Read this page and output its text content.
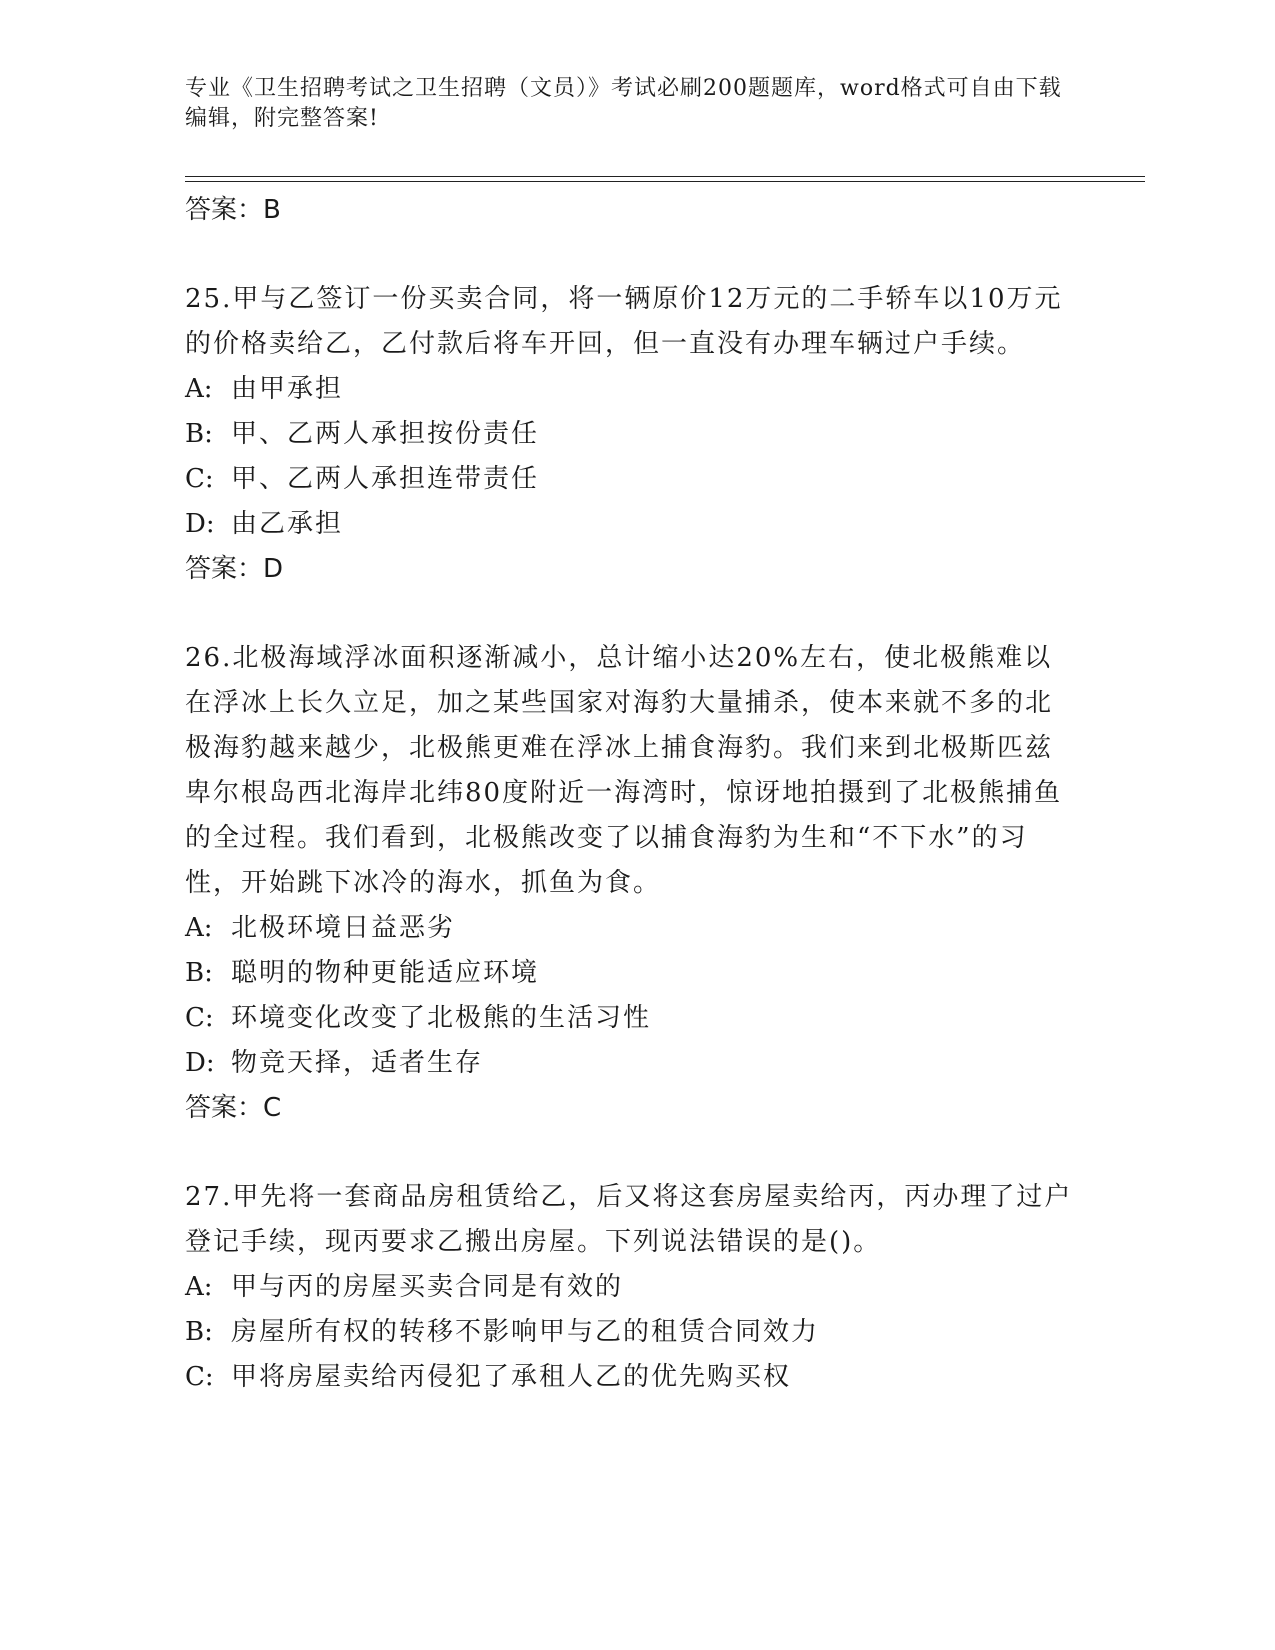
专业《卫生招聘考试之卫生招聘（文员）》考试必刷200题题库，word格式可自由下载编辑，附完整答案!
答案：B
25.甲与乙签订一份买卖合同，将一辆原价12万元的二手轿车以10万元的价格卖给乙，乙付款后将车开回，但一直没有办理车辆过户手续。
A: 由甲承担
B: 甲、乙两人承担按份责任
C: 甲、乙两人承担连带责任
D: 由乙承担
答案：D
26.北极海域浮冰面积逐渐减小，总计缩小达20%左右，使北极熊难以在浮冰上长久立足，加之某些国家对海豹大量捕杀，使本来就不多的北极海豹越来越少，北极熊更难在浮冰上捕食海豹。我们来到北极斯匹兹卑尔根岛西北海岸北纬80度附近一海湾时，惊讶地拍摄到了北极熊捕鱼的全过程。我们看到，北极熊改变了以捕食海豹为生和“不下水”的习性，开始跳下冰冷的海水，抓鱼为食。
A: 北极环境日益恶劣
B: 聪明的物种更能适应环境
C: 环境变化改变了北极熊的生活习性
D: 物竞天择，适者生存
答案：C
27.甲先将一套商品房租赁给乙，后又将这套房屋卖给丙，丙办理了过户登记手续，现丙要求乙搬出房屋。下列说法错误的是()。
A: 甲与丙的房屋买卖合同是有效的
B: 房屋所有权的转移不影响甲与乙的租赁合同效力
C: 甲将房屋卖给丙侵犯了承租人乙的优先购买权
